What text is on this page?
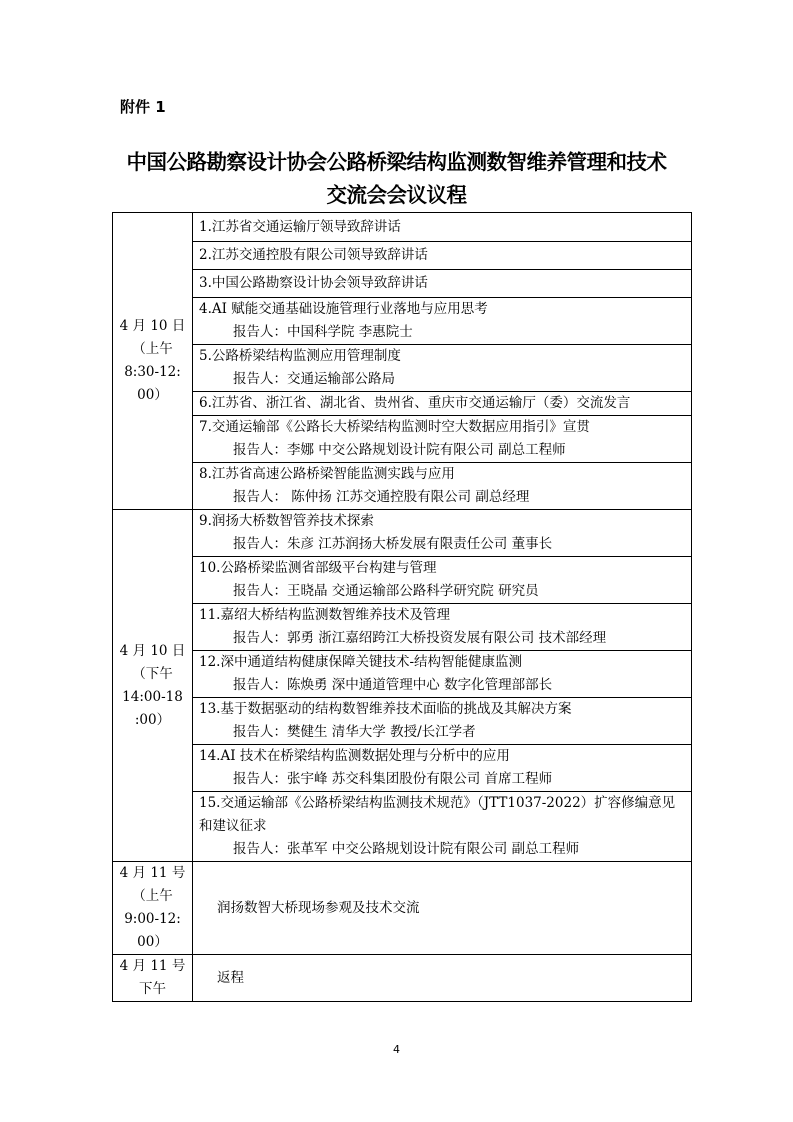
附件 1
中国公路勘察设计协会公路桥梁结构监测数智维养管理和技术
交流会会议议程
4 月 10 日
（上午
8:30-12:
00）	1.江苏省交通运输厅领导致辞讲话

	2.江苏交通控股有限公司领导致辞讲话

	3.中国公路勘察设计协会领导致辞讲话

	4.AI 赋能交通基础设施管理行业落地与应用思考
报告人：中国科学院 李惠院士

	5.公路桥梁结构监测应用管理制度
报告人：交通运输部公路局

	6.江苏省、浙江省、湖北省、贵州省、重庆市交通运输厅（委）交流发言

	7.交通运输部《公路长大桥梁结构监测时空大数据应用指引》宣贯
报告人：李娜 中交公路规划设计院有限公司 副总工程师

	8.江苏省高速公路桥梁智能监测实践与应用
报告人： 陈仲扬 江苏交通控股有限公司 副总经理

4 月 10 日
（下午
14:00-18
:00）	9.润扬大桥数智管养技术探索
报告人：朱彦 江苏润扬大桥发展有限责任公司 董事长

	10.公路桥梁监测省部级平台构建与管理
报告人：王晓晶 交通运输部公路科学研究院 研究员

	11.嘉绍大桥结构监测数智维养技术及管理
报告人：郭勇 浙江嘉绍跨江大桥投资发展有限公司 技术部经理

	12.深中通道结构健康保障关键技术-结构智能健康监测
报告人：陈焕勇 深中通道管理中心 数字化管理部部长

	13.基于数据驱动的结构数智维养技术面临的挑战及其解决方案
报告人：樊健生 清华大学 教授/长江学者

	14.AI 技术在桥梁结构监测数据处理与分析中的应用
报告人：张宇峰 苏交科集团股份有限公司 首席工程师

	15.交通运输部《公路桥梁结构监测技术规范》（JTT1037-2022）扩容修编意见和建议征求
报告人：张革军 中交公路规划设计院有限公司 副总工程师

4 月 11 号
（上午
9:00-12:
00）	润扬数智大桥现场参观及技术交流

4 月 11 号
下午	返程
4
